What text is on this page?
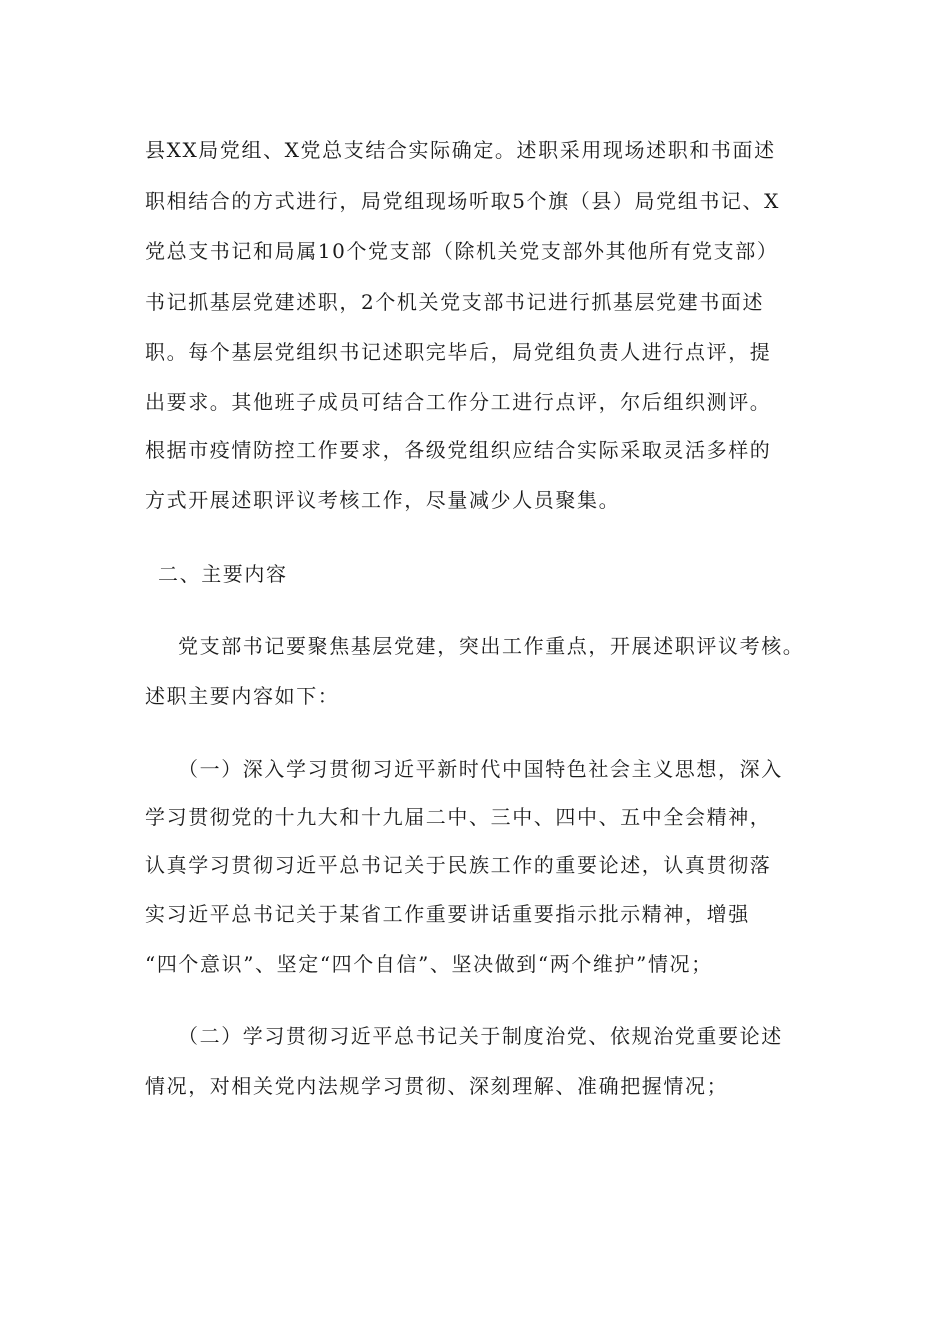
县XX局党组、X党总支结合实际确定。述职采用现场述职和书面述
职相结合的方式进行，局党组现场听取5个旗（县）局党组书记、X
党总支书记和局属10个党支部（除机关党支部外其他所有党支部）
书记抓基层党建述职，2个机关党支部书记进行抓基层党建书面述
职。每个基层党组织书记述职完毕后，局党组负责人进行点评，提
出要求。其他班子成员可结合工作分工进行点评，尔后组织测评。
根据市疫情防控工作要求，各级党组织应结合实际采取灵活多样的
方式开展述职评议考核工作，尽量减少人员聚集。
二、主要内容
党支部书记要聚焦基层党建，突出工作重点，开展述职评议考核。
述职主要内容如下：
（一）深入学习贯彻习近平新时代中国特色社会主义思想，深入
学习贯彻党的十九大和十九届二中、三中、四中、五中全会精神，
认真学习贯彻习近平总书记关于民族工作的重要论述，认真贯彻落
实习近平总书记关于某省工作重要讲话重要指示批示精神，增强
“四个意识”、坚定“四个自信”、坚决做到“两个维护”情况；
（二）学习贯彻习近平总书记关于制度治党、依规治党重要论述
情况，对相关党内法规学习贯彻、深刻理解、准确把握情况；
